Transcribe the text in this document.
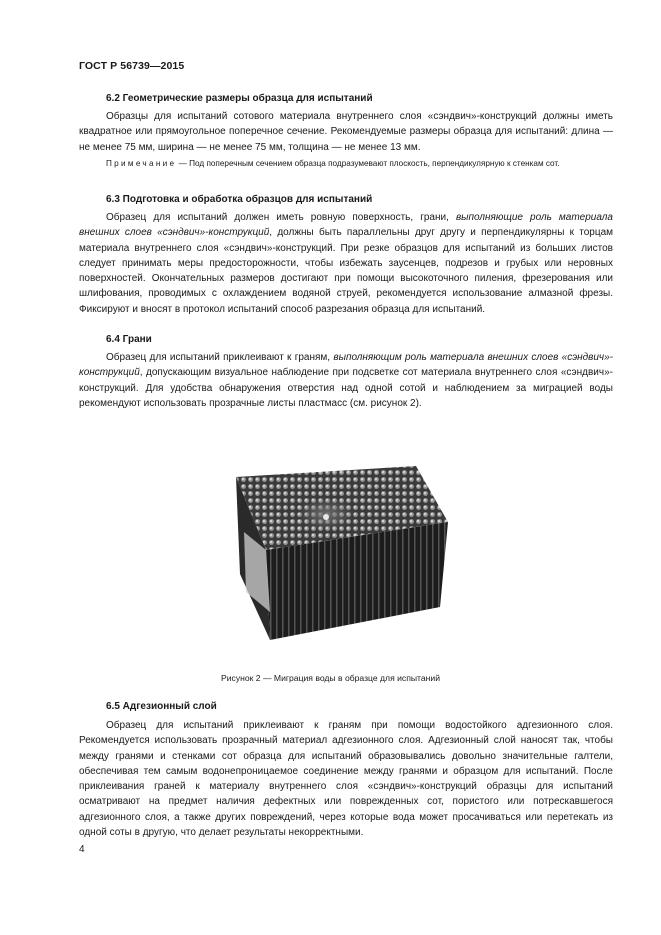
ГОСТ Р 56739—2015
6.2 Геометрические размеры образца для испытаний

Образцы для испытаний сотового материала внутреннего слоя «сэндвич»-конструкций должны иметь квадратное или прямоугольное поперечное сечение. Рекомендуемые размеры образца для испытаний: длина — не менее 75 мм, ширина — не менее 75 мм, толщина — не менее 13 мм.

Примечание — Под поперечным сечением образца подразумевают плоскость, перпендикулярную к стенкам сот.

6.3 Подготовка и обработка образцов для испытаний

Образец для испытаний должен иметь ровную поверхность, грани, выполняющие роль материала внешних слоев «сэндвич»-конструкций, должны быть параллельны друг другу и перпендикулярны к торцам материала внутреннего слоя «сэндвич»-конструкций. При резке образцов для испытаний из больших листов следует принимать меры предосторожности, чтобы избежать заусенцев, подрезов и грубых или неровных поверхностей. Окончательных размеров достигают при помощи высокоточного пиления, фрезерования или шлифования, проводимых с охлаждением водяной струей, рекомендуется использование алмазной фрезы. Фиксируют и вносят в протокол испытаний способ разрезания образца для испытаний.

6.4 Грани

Образец для испытаний приклеивают к граням, выполняющим роль материала внешних слоев «сэндвич»-конструкций, допускающим визуальное наблюдение при подсветке сот материала внутреннего слоя «сэндвич»-конструкций. Для удобства обнаружения отверстия над одной сотой и наблюдением за миграцией воды рекомендуют использовать прозрачные листы пластмасс (см. рисунок 2).

Рисунок 2 — Миграция воды в образце для испытаний
6.5 Адгезионный слой

Образец для испытаний приклеивают к граням при помощи водостойкого адгезионного слоя. Рекомендуется использовать прозрачный материал адгезионного слоя. Адгезионный слой наносят так, чтобы между гранями и стенками сот образца для испытаний образовывались довольно значительные галтели, обеспечивая тем самым водонепроницаемое соединение между гранями и образцом для испытаний. После приклеивания граней к материалу внутреннего слоя «сэндвич»-конструкций образцы для испытаний осматривают на предмет наличия дефектных или поврежденных сот, пористого или потрескавшегося адгезионного слоя, а также других повреждений, через которые вода может просачиваться или перетекать из одной соты в другую, что делает результаты некорректными.

4
